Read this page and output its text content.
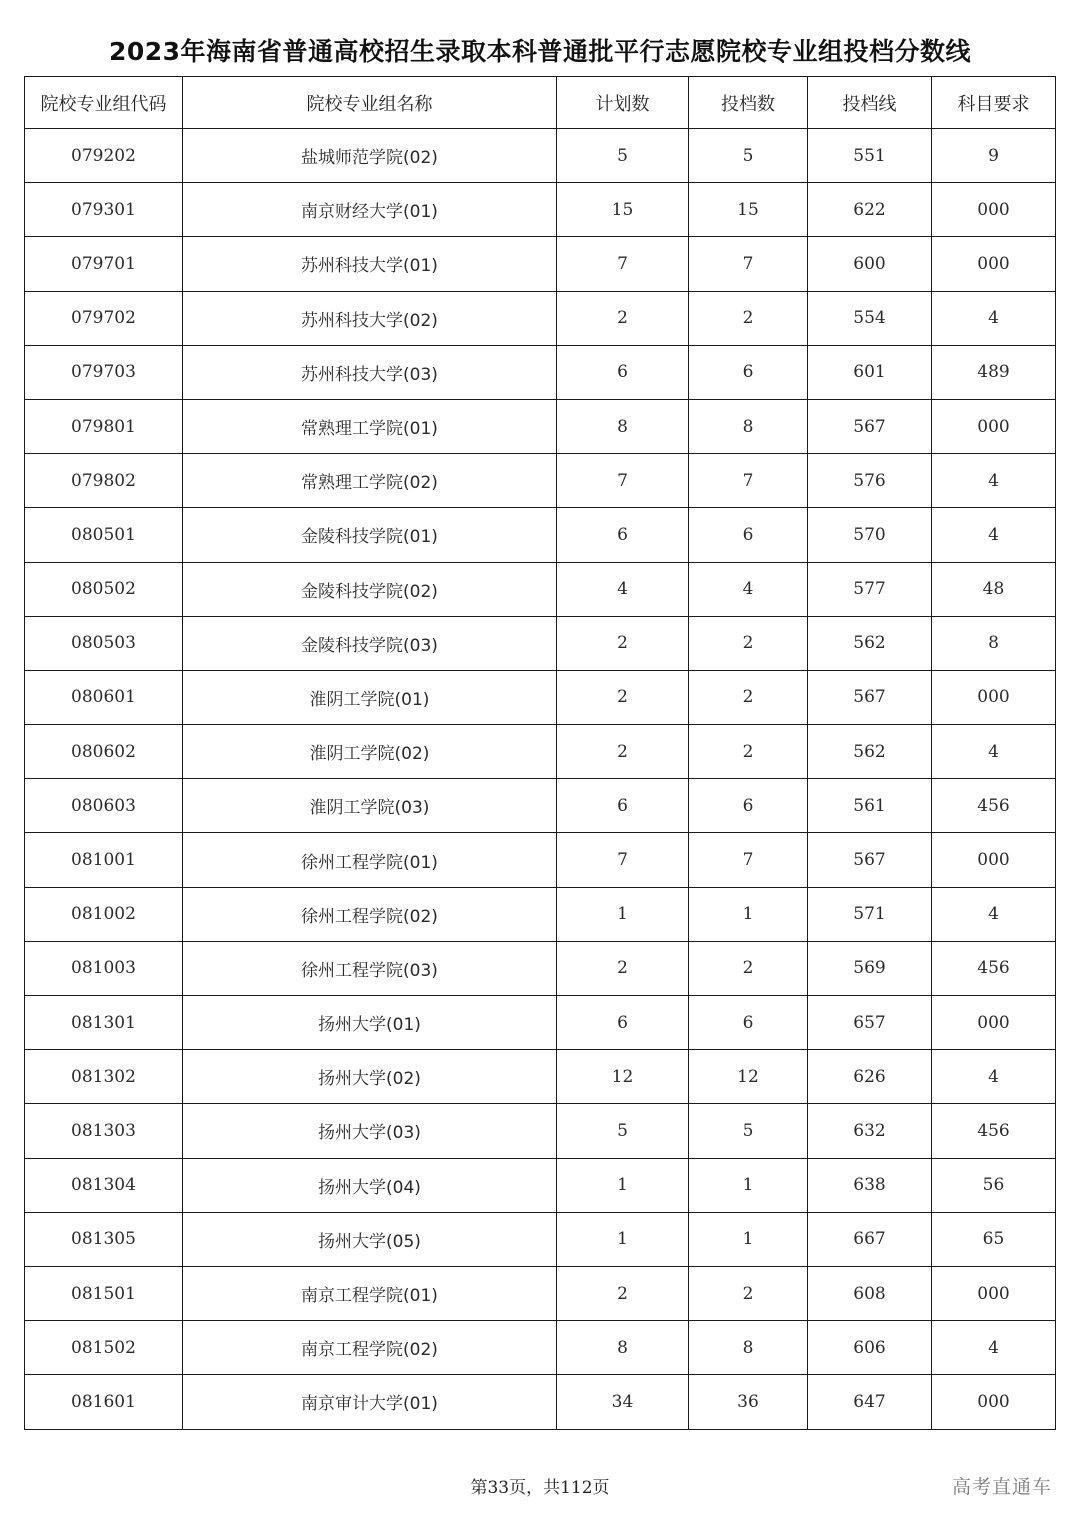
2023年海南省普通高校招生录取本科普通批平行志愿院校专业组投档分数线
院校专业组代码	院校专业组名称	计划数	投档数	投档线	科目要求
079202	盐城师范学院(02)	5	5	551	9
079301	南京财经大学(01)	15	15	622	000
079701	苏州科技大学(01)	7	7	600	000
079702	苏州科技大学(02)	2	2	554	4
079703	苏州科技大学(03)	6	6	601	489
079801	常熟理工学院(01)	8	8	567	000
079802	常熟理工学院(02)	7	7	576	4
080501	金陵科技学院(01)	6	6	570	4
080502	金陵科技学院(02)	4	4	577	48
080503	金陵科技学院(03)	2	2	562	8
080601	淮阴工学院(01)	2	2	567	000
080602	淮阴工学院(02)	2	2	562	4
080603	淮阴工学院(03)	6	6	561	456
081001	徐州工程学院(01)	7	7	567	000
081002	徐州工程学院(02)	1	1	571	4
081003	徐州工程学院(03)	2	2	569	456
081301	扬州大学(01)	6	6	657	000
081302	扬州大学(02)	12	12	626	4
081303	扬州大学(03)	5	5	632	456
081304	扬州大学(04)	1	1	638	56
081305	扬州大学(05)	1	1	667	65
081501	南京工程学院(01)	2	2	608	000
081502	南京工程学院(02)	8	8	606	4
081601	南京审计大学(01)	34	36	647	000
第33页，共112页	高考直通车
